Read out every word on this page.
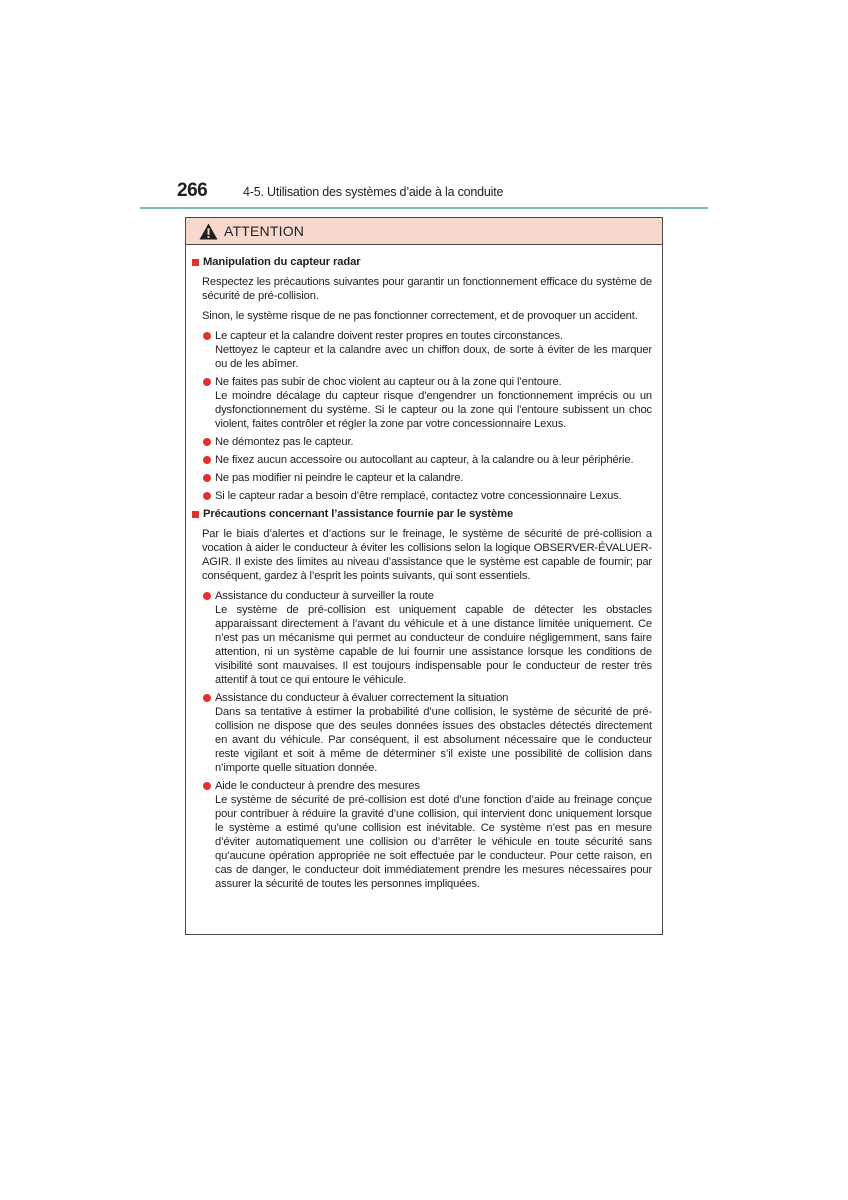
266	4-5. Utilisation des systèmes d’aide à la conduite
ATTENTION
Manipulation du capteur radar
Respectez les précautions suivantes pour garantir un fonctionnement efficace du système de sécurité de pré-collision.
Sinon, le système risque de ne pas fonctionner correctement, et de provoquer un accident.
Le capteur et la calandre doivent rester propres en toutes circonstances.
Nettoyez le capteur et la calandre avec un chiffon doux, de sorte à éviter de les marquer ou de les abîmer.
Ne faites pas subir de choc violent au capteur ou à la zone qui l’entoure.
Le moindre décalage du capteur risque d’engendrer un fonctionnement imprécis ou un dysfonctionnement du système. Si le capteur ou la zone qui l’entoure subissent un choc violent, faites contrôler et régler la zone par votre concessionnaire Lexus.
Ne démontez pas le capteur.
Ne fixez aucun accessoire ou autocollant au capteur, à la calandre ou à leur périphérie.
Ne pas modifier ni peindre le capteur et la calandre.
Si le capteur radar a besoin d’être remplacé, contactez votre concessionnaire Lexus.
Précautions concernant l’assistance fournie par le système
Par le biais d’alertes et d’actions sur le freinage, le système de sécurité de pré-collision a vocation à aider le conducteur à éviter les collisions selon la logique OBSERVER-ÉVALUER-AGIR. Il existe des limites au niveau d’assistance que le système est capable de fournir; par conséquent, gardez à l’esprit les points suivants, qui sont essentiels.
Assistance du conducteur à surveiller la route
Le système de pré-collision est uniquement capable de détecter les obstacles apparaissant directement à l’avant du véhicule et à une distance limitée uniquement. Ce n’est pas un mécanisme qui permet au conducteur de conduire négligemment, sans faire attention, ni un système capable de lui fournir une assistance lorsque les conditions de visibilité sont mauvaises. Il est toujours indispensable pour le conducteur de rester très attentif à tout ce qui entoure le véhicule.
Assistance du conducteur à évaluer correctement la situation
Dans sa tentative à estimer la probabilité d’une collision, le système de sécurité de pré-collision ne dispose que des seules données issues des obstacles détectés directement en avant du véhicule. Par conséquent, il est absolument nécessaire que le conducteur reste vigilant et soit à même de déterminer s’il existe une possibilité de collision dans n’importe quelle situation donnée.
Aide le conducteur à prendre des mesures
Le système de sécurité de pré-collision est doté d’une fonction d’aide au freinage conçue pour contribuer à réduire la gravité d’une collision, qui intervient donc uniquement lorsque le système a estimé qu’une collision est inévitable. Ce système n’est pas en mesure d’éviter automatiquement une collision ou d’arrêter le véhicule en toute sécurité sans qu’aucune opération appropriée ne soit effectuée par le conducteur. Pour cette raison, en cas de danger, le conducteur doit immédiatement prendre les mesures nécessaires pour assurer la sécurité de toutes les personnes impliquées.
